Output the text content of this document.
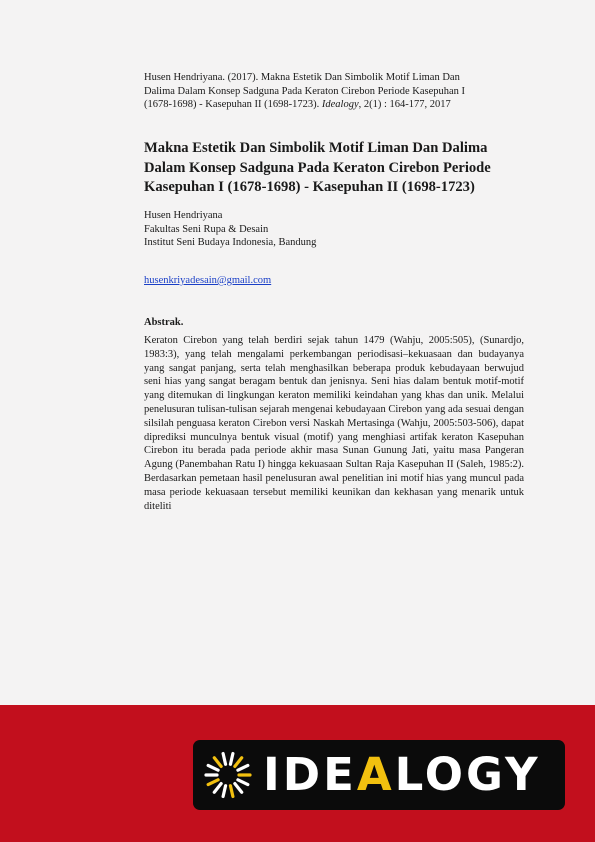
Husen Hendriyana. (2017). Makna Estetik Dan Simbolik Motif Liman Dan Dalima Dalam Konsep Sadguna Pada Keraton Cirebon Periode Kasepuhan I (1678-1698) - Kasepuhan II (1698-1723). Idealogy, 2(1) : 164-177, 2017

Makna Estetik Dan Simbolik Motif Liman Dan Dalima Dalam Konsep Sadguna Pada Keraton Cirebon Periode Kasepuhan I (1678-1698) - Kasepuhan II (1698-1723)
Husen Hendriyana
Fakultas Seni Rupa & Desain
Institut Seni Budaya Indonesia, Bandung
husenkriyadesain@gmail.com

Abstrak.

Keraton Cirebon yang telah berdiri sejak tahun 1479 (Wahju, 2005:505), (Sunardjo, 1983:3), yang telah mengalami perkembangan periodisasi–kekuasaan dan budayanya yang sangat panjang, serta telah menghasilkan beberapa produk kebudayaan berwujud seni hias yang sangat beragam bentuk dan jenisnya. Seni hias dalam bentuk motif-motif yang ditemukan di lingkungan keraton memiliki keindahan yang khas dan unik. Melalui penelusuran tulisan-tulisan sejarah mengenai kebudayaan Cirebon yang ada sesuai dengan silsilah penguasa keraton Cirebon versi Naskah Mertasinga (Wahju, 2005:503-506), dapat diprediksi munculnya bentuk visual (motif) yang menghiasi artifak keraton Kasepuhan Cirebon itu berada pada periode akhir masa Sunan Gunung Jati, yaitu masa Pangeran Agung (Panembahan Ratu I) hingga kekuasaan Sultan Raja Kasepuhan II (Saleh, 1985:2). Berdasarkan pemetaan hasil penelusuran awal penelitian ini motif hias yang muncul pada masa periode kekuasaan tersebut memiliki keunikan dan kekhasan yang menarik untuk diteliti

IDEALOGY
